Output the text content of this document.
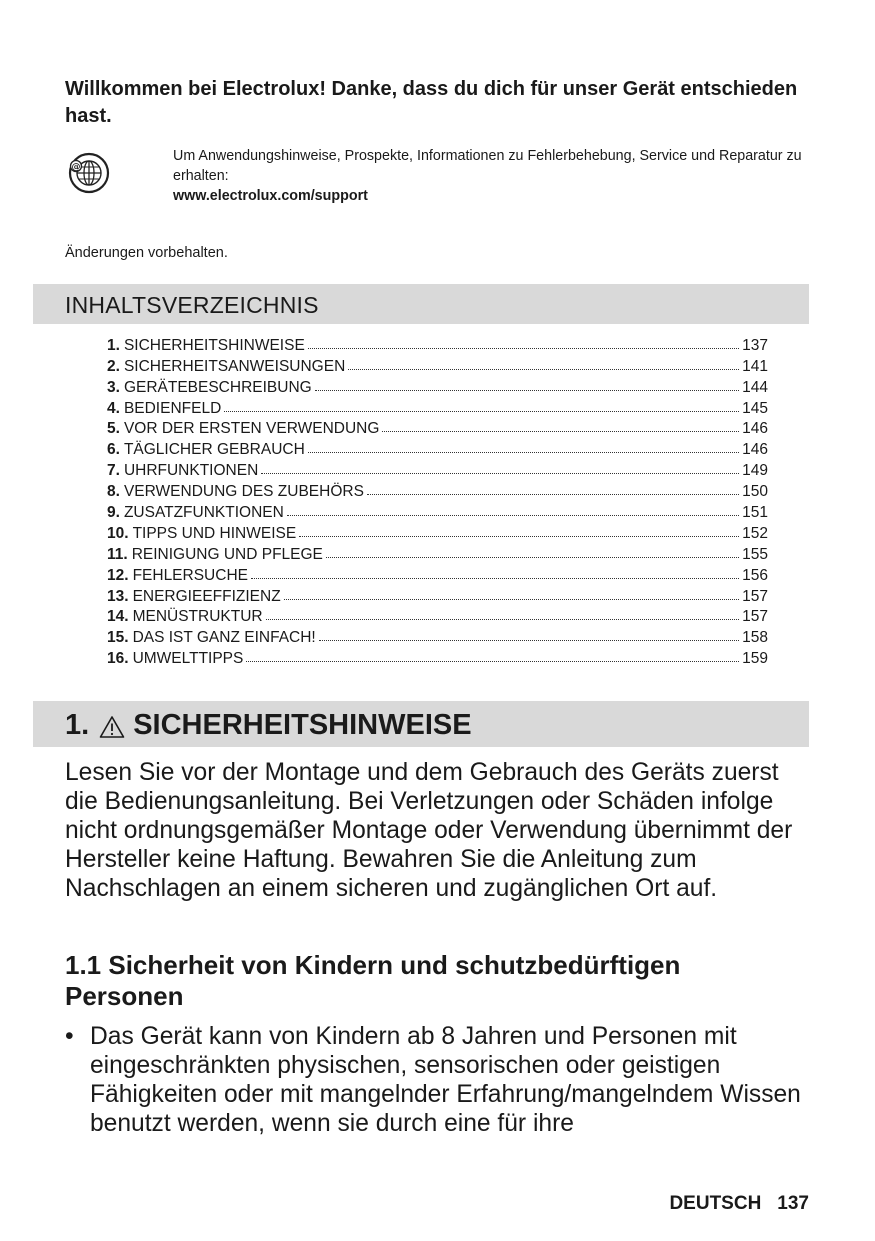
Willkommen bei Electrolux! Danke, dass du dich für unser Gerät entschieden hast.

@
Um Anwendungshinweise, Prospekte, Informationen zu Fehlerbehebung, Service und Reparatur zu erhalten:
www.electrolux.com/support
Änderungen vorbehalten.
INHALTSVERZEICHNIS
1. SICHERHEITSHINWEISE	137
2. SICHERHEITSANWEISUNGEN	141
3. GERÄTEBESCHREIBUNG	144
4. BEDIENFELD	145
5. VOR DER ERSTEN VERWENDUNG	146
6. TÄGLICHER GEBRAUCH	146
7. UHRFUNKTIONEN	149
8. VERWENDUNG DES ZUBEHÖRS	150
9. ZUSATZFUNKTIONEN	151
10. TIPPS UND HINWEISE	152
11. REINIGUNG UND PFLEGE	155
12. FEHLERSUCHE	156
13. ENERGIEEFFIZIENZ	157
14. MENÜSTRUKTUR	157
15. DAS IST GANZ EINFACH!	158
16. UMWELTTIPPS	159
1. SICHERHEITSHINWEISE

Lesen Sie vor der Montage und dem Gebrauch des Geräts zuerst die Bedienungsanleitung. Bei Verletzungen oder Schäden infolge nicht ordnungsgemäßer Montage oder Verwendung übernimmt der Hersteller keine Haftung. Bewahren Sie die Anleitung zum Nachschlagen an einem sicheren und zugänglichen Ort auf.

1.1 Sicherheit von Kindern und schutzbedürftigen Personen
• Das Gerät kann von Kindern ab 8 Jahren und Personen mit eingeschränkten physischen, sensorischen oder geistigen Fähigkeiten oder mit mangelnder Erfahrung/mangelndem Wissen benutzt werden, wenn sie durch eine für ihre
DEUTSCH 137
